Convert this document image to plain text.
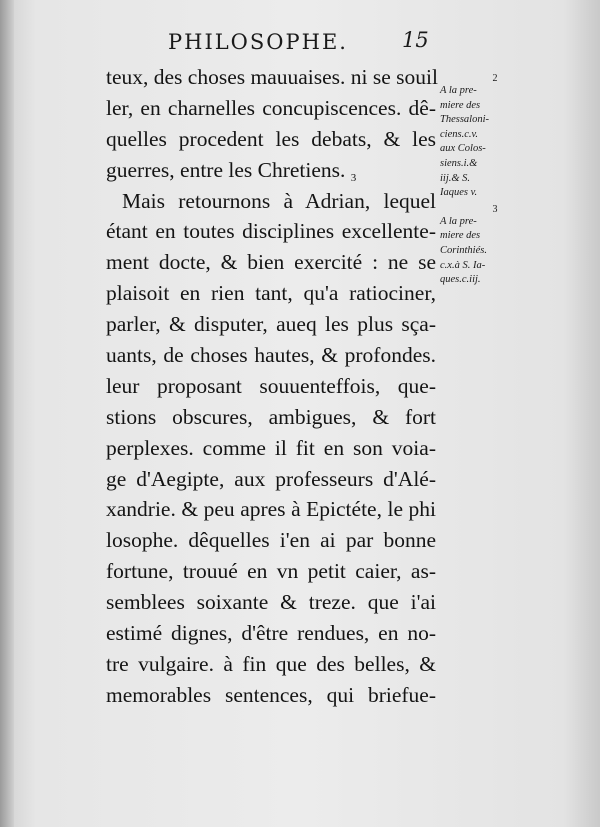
PHILOSOPHE.	15
teux, des choses mauuaises. ni se souil
ler, en charnelles concupiscences. dê-
quelles procedent les debats, & les
guerres, entre les Chretiens. 3
Mais retournons à Adrian, lequel
étant en toutes disciplines excellente-
ment docte, & bien exercité : ne se
plaisoit en rien tant, qu'a ratiociner,
parler, & disputer, aueq les plus sça-
uants, de choses hautes, & profondes.
leur proposant souuenteffois, que-
stions obscures, ambigues, & fort
perplexes. comme il fit en son voia-
ge d'Aegipte, aux professeurs d'Alé-
xandrie. & peu apres à Epictéte, le phi
losophe. dêquelles i'en ai par bonne
fortune, trouué en vn petit caier, as-
semblees soixante & treze. que i'ai
estimé dignes, d'être rendues, en no-
tre vulgaire. à fin que des belles, &
memorables sentences, qui briefue-
2
A la pre-
miere des
Thessaloni-
ciens.c.v.
aux Colos-
siens.i.&
iij.& S.
Iaques v.
3
A la pre-
miere des
Corinthiés.
c.x.à S. Ia-
ques.c.iij.
